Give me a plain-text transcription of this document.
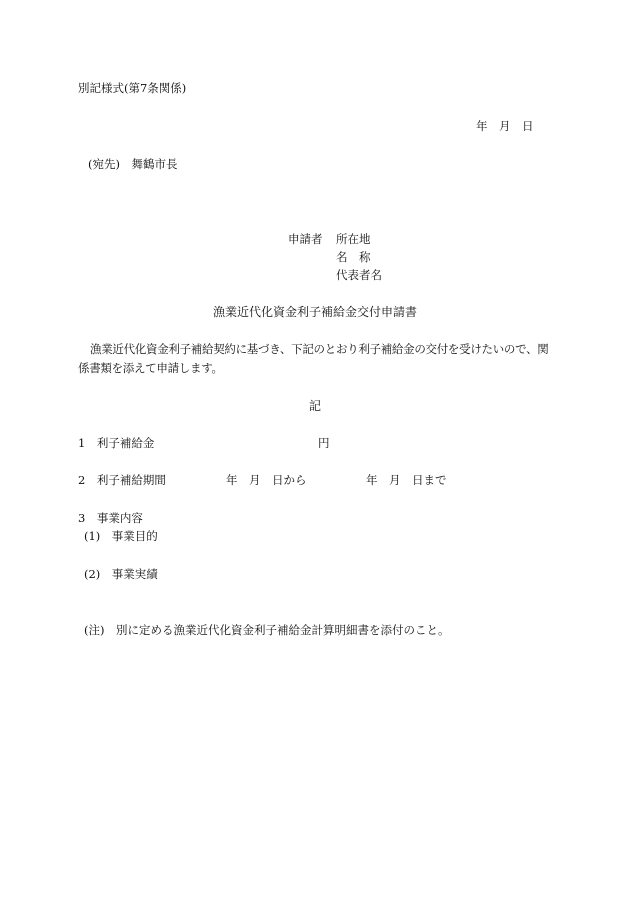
別記様式(第7条関係)
年　月　日
(宛先)　舞鶴市長
申請者 所在地
名　称
代表者名
漁業近代化資金利子補給金交付申請書
漁業近代化資金利子補給契約に基づき、下記のとおり利子補給金の交付を受けたいので、関係書類を添えて申請します。
記
1　利子補給金	円
2　利子補給期間	年　月　日から	年　月　日まで
3　事業内容
(1)　事業目的
(2)　事業実績
(注)　別に定める漁業近代化資金利子補給金計算明細書を添付のこと。
